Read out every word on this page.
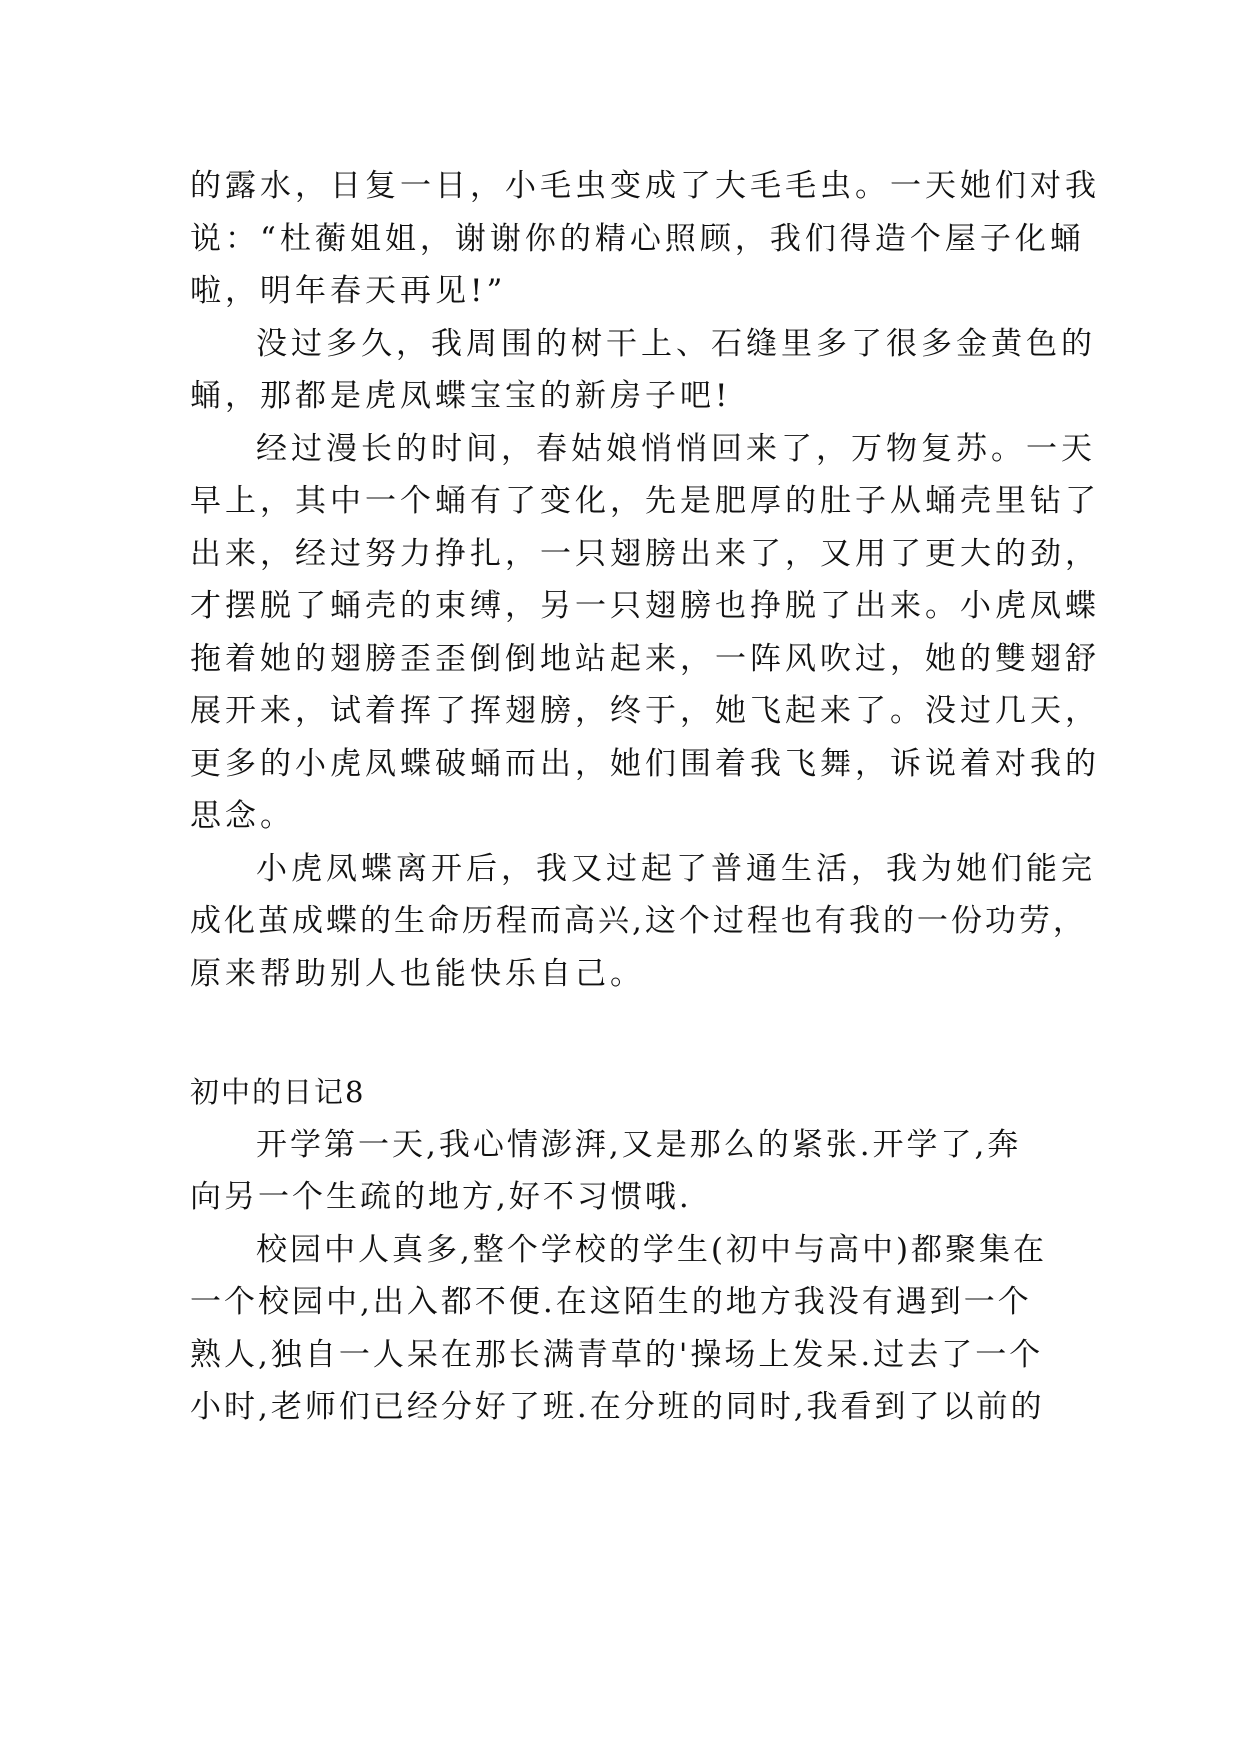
的露水，日复一日，小毛虫变成了大毛毛虫。一天她们对我
说：“杜蘅姐姐，谢谢你的精心照顾，我们得造个屋子化蛹
啦，明年春天再见!”
没过多久，我周围的树干上、石缝里多了很多金黄色的
蛹，那都是虎凤蝶宝宝的新房子吧!
经过漫长的时间，春姑娘悄悄回来了，万物复苏。一天
早上，其中一个蛹有了变化，先是肥厚的肚子从蛹壳里钻了
出来，经过努力挣扎，一只翅膀出来了，又用了更大的劲，
才摆脱了蛹壳的束缚，另一只翅膀也挣脱了出来。小虎凤蝶
拖着她的翅膀歪歪倒倒地站起来，一阵风吹过，她的雙翅舒
展开来，试着挥了挥翅膀，终于，她飞起来了。没过几天，
更多的小虎凤蝶破蛹而出，她们围着我飞舞，诉说着对我的
思念。
小虎凤蝶离开后，我又过起了普通生活，我为她们能完
成化茧成蝶的生命历程而高兴,这个过程也有我的一份功劳，
原来帮助别人也能快乐自己。
初中的日记8
开学第一天,我心情澎湃,又是那么的紧张.开学了,奔
向另一个生疏的地方,好不习惯哦.
校园中人真多,整个学校的学生(初中与高中)都聚集在
一个校园中,出入都不便.在这陌生的地方我没有遇到一个
熟人,独自一人呆在那长满青草的'操场上发呆.过去了一个
小时,老师们已经分好了班.在分班的同时,我看到了以前的
